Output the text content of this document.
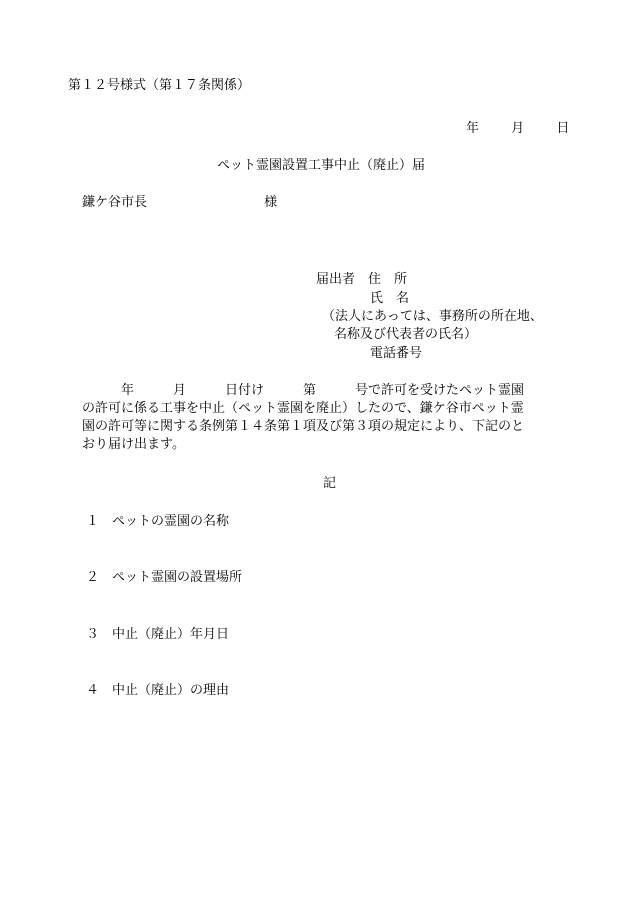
第１２号様式（第１７条関係）
年 月 日
ペット霊園設置工事中止（廃止）届
鎌ケ谷市長	様
届出者 住　所
氏　名
（法人にあっては、事務所の所在地、
名称及び代表者の氏名）
電話番号
　　　年　　　月　　　日付け　　　第　　　号で許可を受けたペット霊園
の許可に係る工事を中止（ペット霊園を廃止）したので、鎌ケ谷市ペット霊
園の許可等に関する条例第１４条第１項及び第３項の規定により、下記のと
おり届け出ます。
記
１　ペットの霊園の名称
２　ペット霊園の設置場所
３　中止（廃止）年月日
４　中止（廃止）の理由
